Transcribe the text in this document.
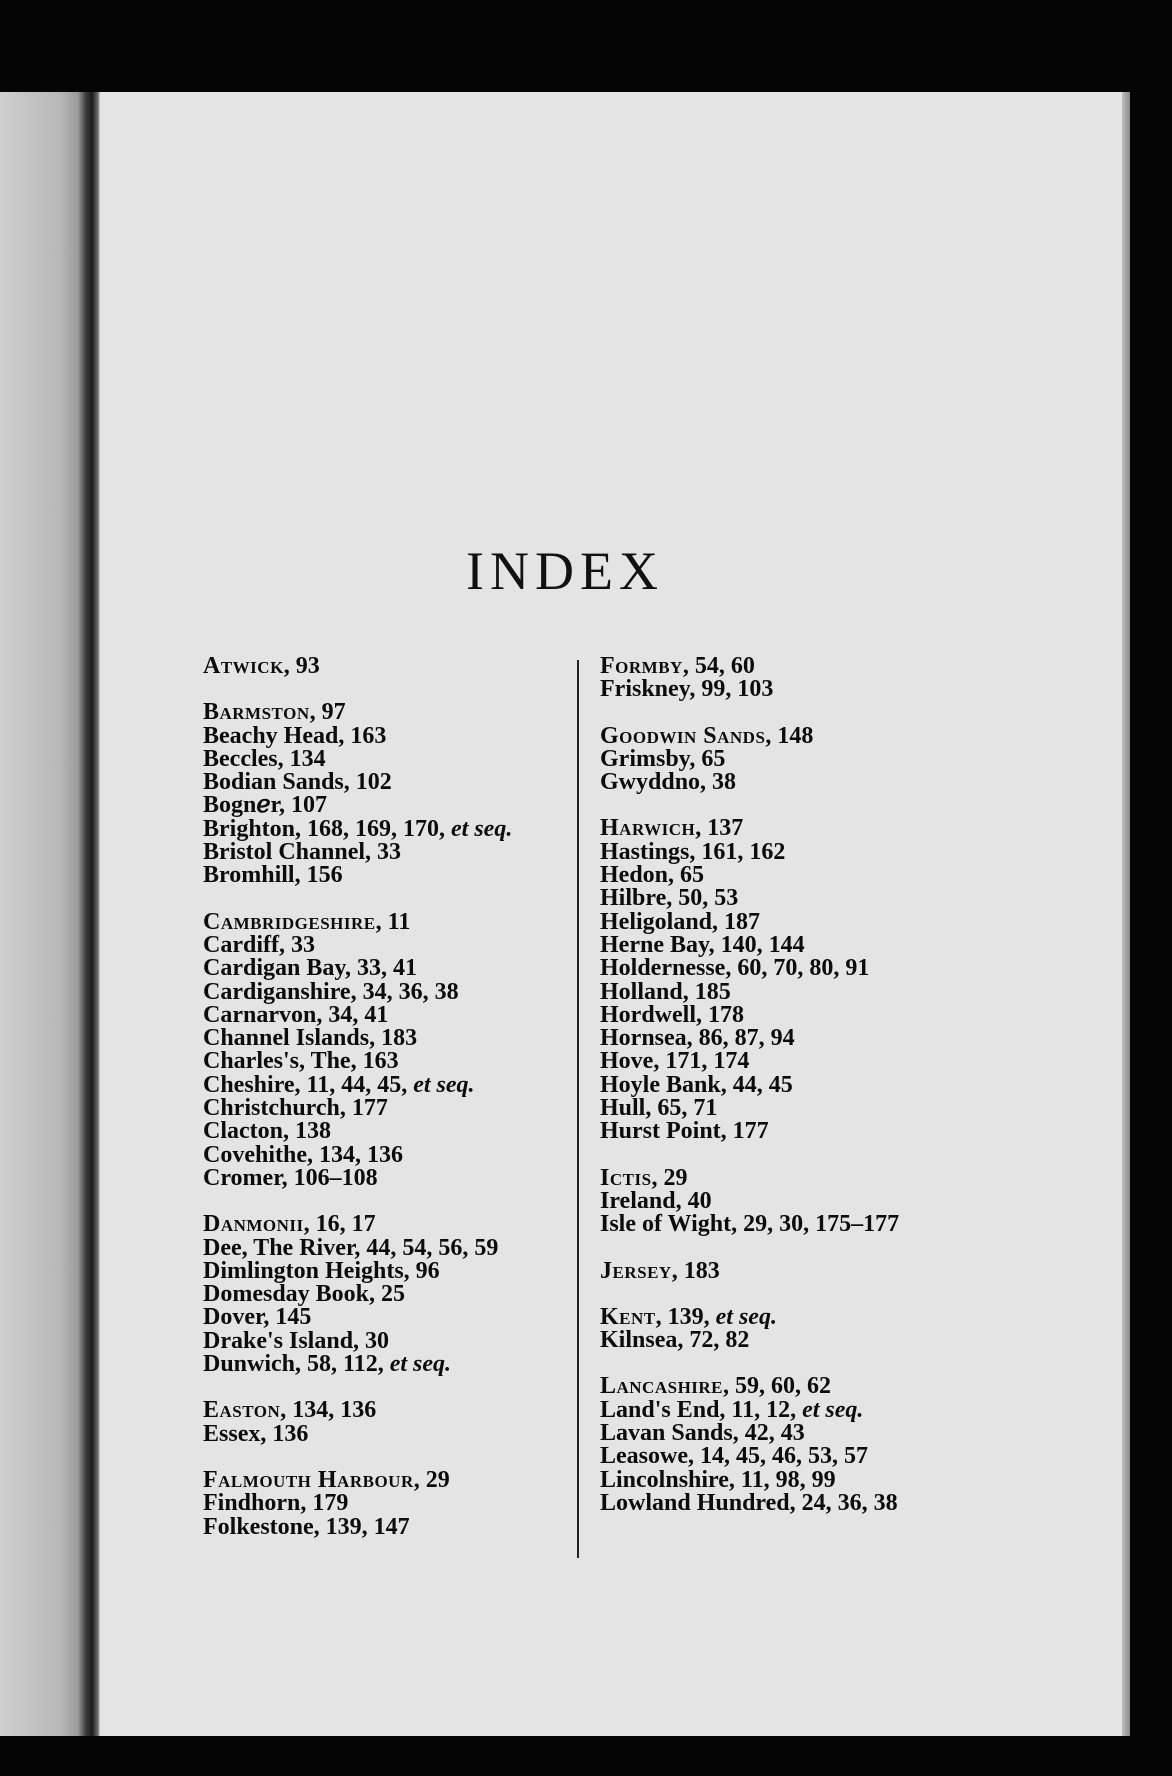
INDEX
Atwick, 93
Barmston, 97
Beachy Head, 163
Beccles, 134
Bodian Sands, 102
Bognℯr, 107
Brighton, 168, 169, 170, et seq.
Bristol Channel, 33
Bromhill, 156
Cambridgeshire, 11
Cardiff, 33
Cardigan Bay, 33, 41
Cardiganshire, 34, 36, 38
Carnarvon, 34, 41
Channel Islands, 183
Charles's, The, 163
Cheshire, 11, 44, 45, et seq.
Christchurch, 177
Clacton, 138
Covehithe, 134, 136
Cromer, 106–108
Danmonii, 16, 17
Dee, The River, 44, 54, 56, 59
Dimlington Heights, 96
Domesday Book, 25
Dover, 145
Drake's Island, 30
Dunwich, 58, 112, et seq.
Easton, 134, 136
Essex, 136
Falmouth Harbour, 29
Findhorn, 179
Folkestone, 139, 147
Formby, 54, 60
Friskney, 99, 103
Goodwin Sands, 148
Grimsby, 65
Gwyddno, 38
Harwich, 137
Hastings, 161, 162
Hedon, 65
Hilbre, 50, 53
Heligoland, 187
Herne Bay, 140, 144
Holdernesse, 60, 70, 80, 91
Holland, 185
Hordwell, 178
Hornsea, 86, 87, 94
Hove, 171, 174
Hoyle Bank, 44, 45
Hull, 65, 71
Hurst Point, 177
Ictis, 29
Ireland, 40
Isle of Wight, 29, 30, 175–177
Jersey, 183
Kent, 139, et seq.
Kilnsea, 72, 82
Lancashire, 59, 60, 62
Land's End, 11, 12, et seq.
Lavan Sands, 42, 43
Leasowe, 14, 45, 46, 53, 57
Lincolnshire, 11, 98, 99
Lowland Hundred, 24, 36, 38
